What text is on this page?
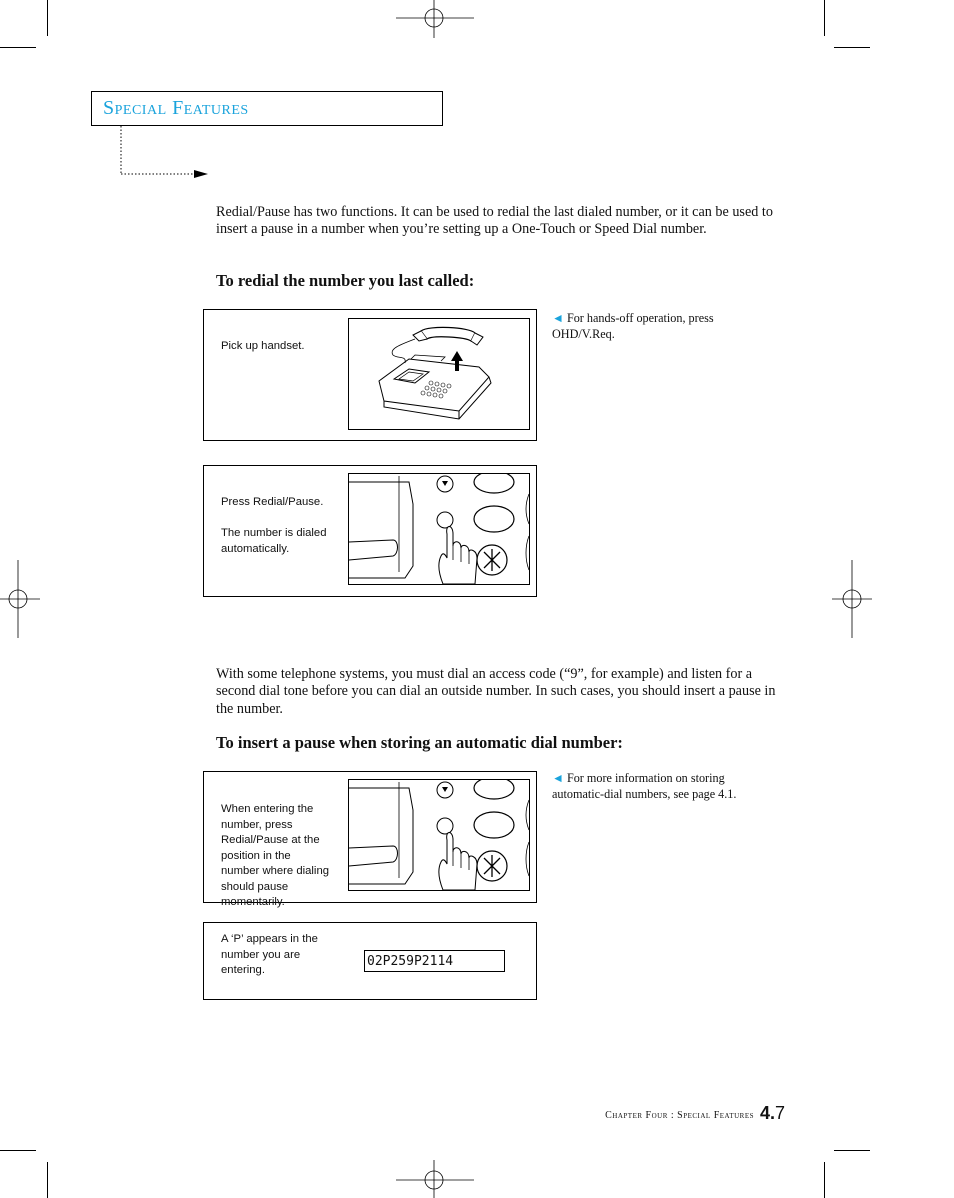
Special Features
Redial/Pause has two functions. It can be used to redial the last dialed number, or it can be used to insert a pause in a number when you’re setting up a One-Touch or Speed Dial number.
To redial the number you last called:
Pick up handset.
◄ For hands-off operation, press OHD/V.Req.
Press Redial/Pause.
The number is dialed automatically.
With some telephone systems, you must dial an access code (“9”, for example) and listen for a second dial tone before you can dial an outside number. In such cases, you should insert a pause in the number.
To insert a pause when storing an automatic dial number:
When entering the number, press Redial/Pause at the position in the number where dialing should pause momentarily.
◄ For more information on storing automatic-dial numbers, see page 4.1.
A ‘P’ appears in the number you are entering.
02P259P2114
Chapter Four : Special Features 4.7
